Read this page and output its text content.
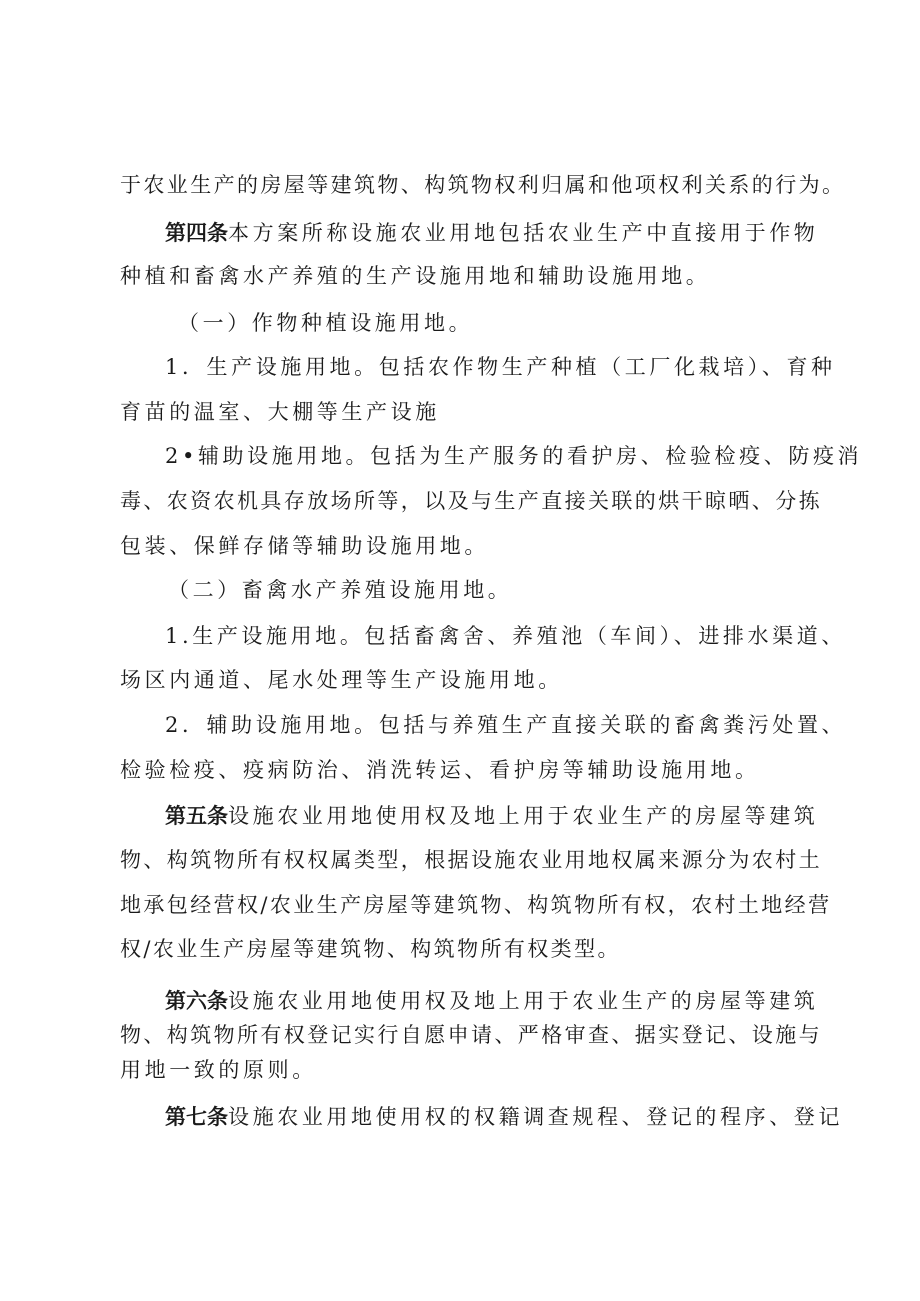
于农业生产的房屋等建筑物、构筑物权利归属和他项权利关系的行为。

第四条本方案所称设施农业用地包括农业生产中直接用于作物

种植和畜禽水产养殖的生产设施用地和辅助设施用地。

（一）作物种植设施用地。

1．生产设施用地。包括农作物生产种植（工厂化栽培）、育种

育苗的温室、大棚等生产设施

2•辅助设施用地。包括为生产服务的看护房、检验检疫、防疫消

毒、农资农机具存放场所等，以及与生产直接关联的烘干晾晒、分拣

包装、保鲜存储等辅助设施用地。

（二）畜禽水产养殖设施用地。

1.生产设施用地。包括畜禽舍、养殖池（车间）、进排水渠道、

场区内通道、尾水处理等生产设施用地。

2．辅助设施用地。包括与养殖生产直接关联的畜禽粪污处置、

检验检疫、疫病防治、消洗转运、看护房等辅助设施用地。

第五条设施农业用地使用权及地上用于农业生产的房屋等建筑

物、构筑物所有权权属类型，根据设施农业用地权属来源分为农村土

地承包经营权/农业生产房屋等建筑物、构筑物所有权，农村土地经营

权/农业生产房屋等建筑物、构筑物所有权类型。

第六条设施农业用地使用权及地上用于农业生产的房屋等建筑

物、构筑物所有权登记实行自愿申请、严格审查、据实登记、设施与

用地一致的原则。

第七条设施农业用地使用权的权籍调查规程、登记的程序、登记
